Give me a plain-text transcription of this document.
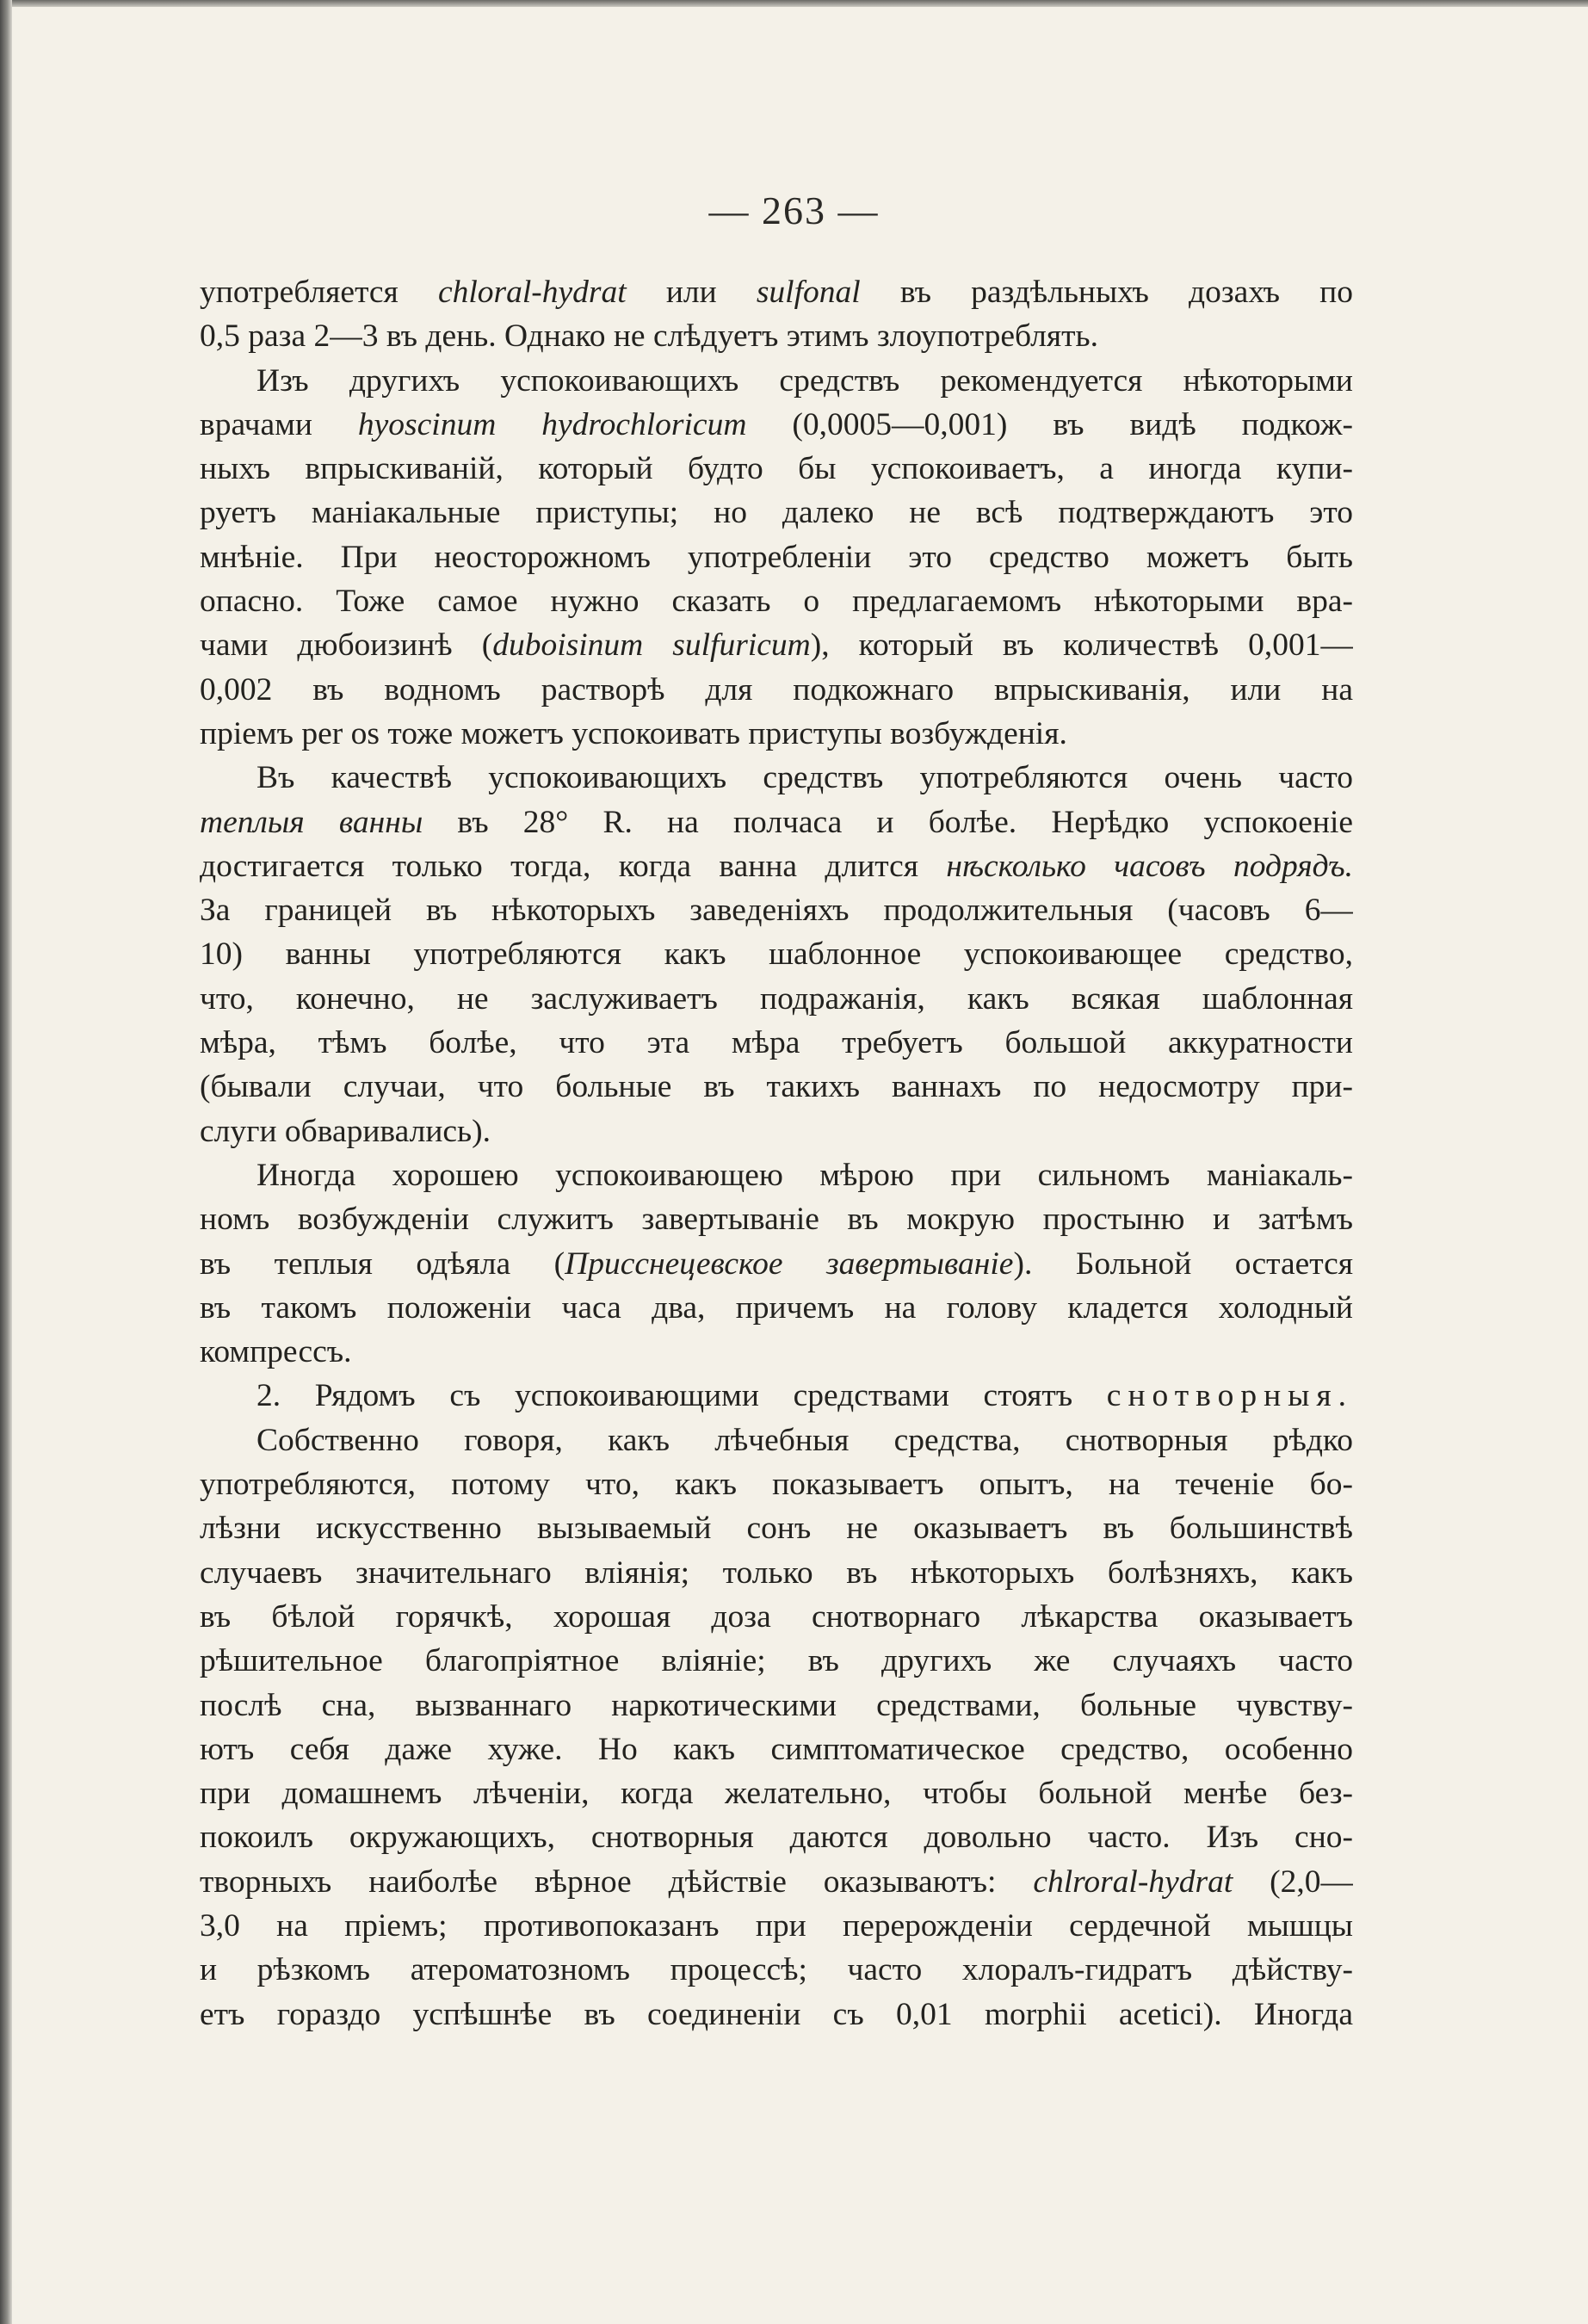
— 263 —
употребляется chloral-hydrat или sulfonal въ раздѣльныхъ дозахъ по
0,5 раза 2—3 въ день. Однако не слѣдуетъ этимъ злоупотреблять.
Изъ другихъ успокоивающихъ средствъ рекомендуется нѣкоторыми
врачами hyoscinum hydrochloricum (0,0005—0,001) въ видѣ подкож-
ныхъ впрыскиваній, который будто бы успокоиваетъ, а иногда купи-
руетъ маніакальные приступы; но далеко не всѣ подтверждаютъ это
мнѣніе. При неосторожномъ употребленіи это средство можетъ быть
опасно. Тоже самое нужно сказать о предлагаемомъ нѣкоторыми вра-
чами дюбоизинѣ (duboisinum sulfuricum), который въ количествѣ 0,001—
0,002 въ водномъ растворѣ для подкожнаго впрыскиванія, или на
пріемъ per os тоже можетъ успокоивать приступы возбужденія.
Въ качествѣ успокоивающихъ средствъ употребляются очень часто
теплыя ванны въ 28° R. на полчаса и болѣе. Нерѣдко успокоеніе
достигается только тогда, когда ванна длится нѣсколько часовъ подрядъ.
За границей въ нѣкоторыхъ заведеніяхъ продолжительныя (часовъ 6—
10) ванны употребляются какъ шаблонное успокоивающее средство,
что, конечно, не заслуживаетъ подражанія, какъ всякая шаблонная
мѣра, тѣмъ болѣе, что эта мѣра требуетъ большой аккуратности
(бывали случаи, что больные въ такихъ ваннахъ по недосмотру при-
слуги обваривались).
Иногда хорошею успокоивающею мѣрою при сильномъ маніакаль-
номъ возбужденіи служитъ завертываніе въ мокрую простыню и затѣмъ
въ теплыя одѣяла (Присснецевское завертываніе). Больной остается
въ такомъ положеніи часа два, причемъ на голову кладется холодный
компрессъ.
2. Рядомъ съ успокоивающими средствами стоятъ снотворныя.
Собственно говоря, какъ лѣчебныя средства, снотворныя рѣдко
употребляются, потому что, какъ показываетъ опытъ, на теченіе бо-
лѣзни искусственно вызываемый сонъ не оказываетъ въ большинствѣ
случаевъ значительнаго вліянія; только въ нѣкоторыхъ болѣзняхъ, какъ
въ бѣлой горячкѣ, хорошая доза снотворнаго лѣкарства оказываетъ
рѣшительное благопріятное вліяніе; въ другихъ же случаяхъ часто
послѣ сна, вызваннаго наркотическими средствами, больные чувству-
ютъ себя даже хуже. Но какъ симптоматическое средство, особенно
при домашнемъ лѣченіи, когда желательно, чтобы больной менѣе без-
покоилъ окружающихъ, снотворныя даются довольно часто. Изъ сно-
творныхъ наиболѣе вѣрное дѣйствіе оказываютъ: chlroral-hydrat (2,0—
3,0 на пріемъ; противопоказанъ при перерожденіи сердечной мышцы
и рѣзкомъ атероматозномъ процессѣ; часто хлоралъ-гидратъ дѣйству-
етъ гораздо успѣшнѣе въ соединеніи съ 0,01 morphii acetici). Иногда
